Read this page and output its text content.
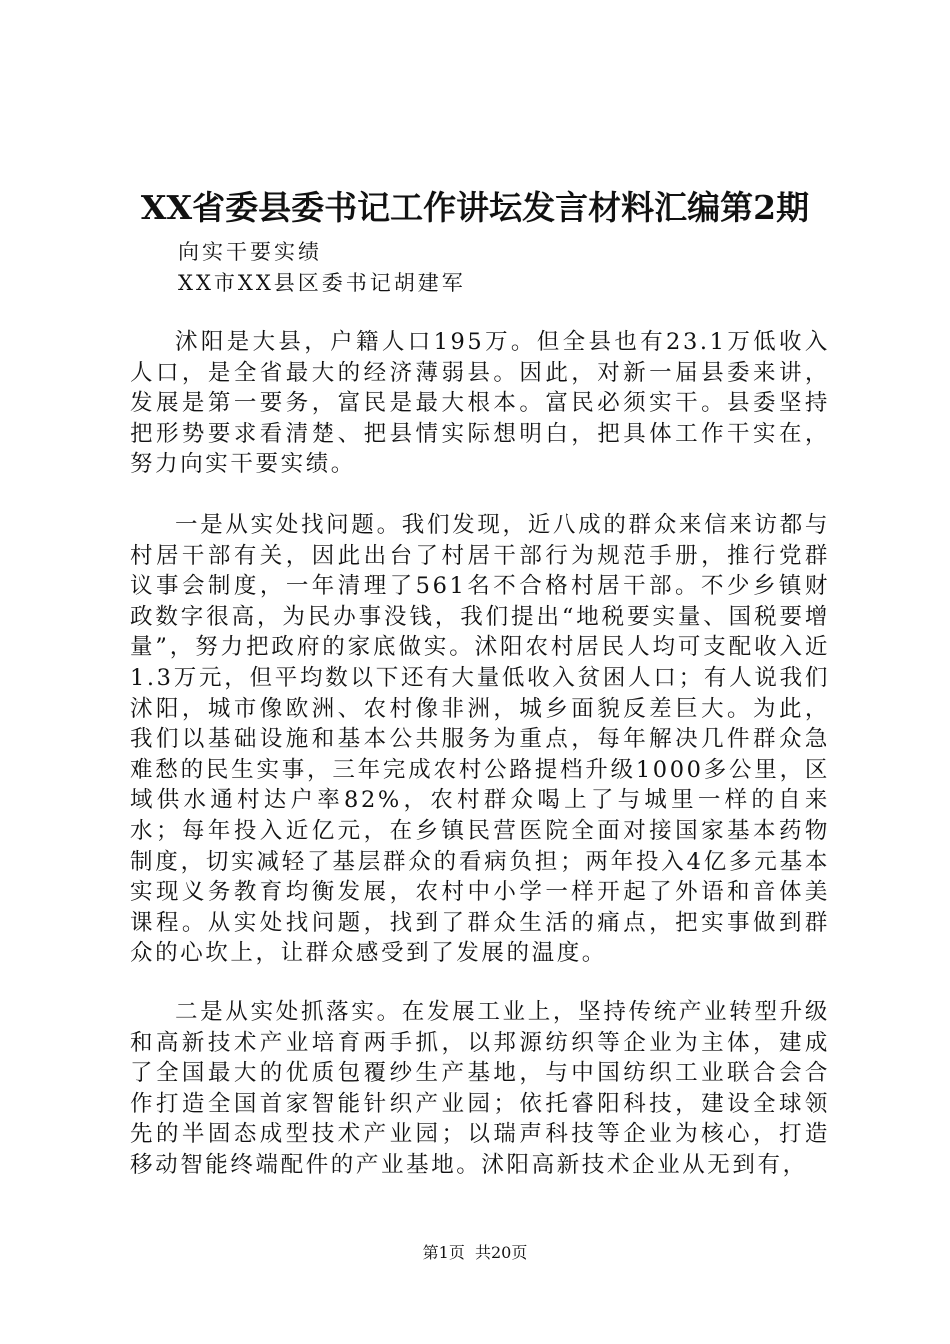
XX省委县委书记工作讲坛发言材料汇编第2期

向实干要实绩

XX市XX县区委书记胡建军

沭阳是大县，户籍人口195万。但全县也有23.1万低收入人口，是全省最大的经济薄弱县。因此，对新一届县委来讲，发展是第一要务，富民是最大根本。富民必须实干。县委坚持把形势要求看清楚、把县情实际想明白，把具体工作干实在，努力向实干要实绩。

一是从实处找问题。我们发现，近八成的群众来信来访都与村居干部有关，因此出台了村居干部行为规范手册，推行党群议事会制度，一年清理了561名不合格村居干部。不少乡镇财政数字很高，为民办事没钱，我们提出“地税要实量、国税要增量”，努力把政府的家底做实。沭阳农村居民人均可支配收入近1.3万元，但平均数以下还有大量低收入贫困人口；有人说我们沭阳，城市像欧洲、农村像非洲，城乡面貌反差巨大。为此，我们以基础设施和基本公共服务为重点，每年解决几件群众急难愁的民生实事，三年完成农村公路提档升级1000多公里，区域供水通村达户率82%，农村群众喝上了与城里一样的自来水；每年投入近亿元，在乡镇民营医院全面对接国家基本药物制度，切实减轻了基层群众的看病负担；两年投入4亿多元基本实现义务教育均衡发展，农村中小学一样开起了外语和音体美课程。从实处找问题，找到了群众生活的痛点，把实事做到群众的心坎上，让群众感受到了发展的温度。

二是从实处抓落实。在发展工业上，坚持传统产业转型升级和高新技术产业培育两手抓，以邦源纺织等企业为主体，建成了全国最大的优质包覆纱生产基地，与中国纺织工业联合会合作打造全国首家智能针织产业园；依托睿阳科技，建设全球领先的半固态成型技术产业园；以瑞声科技等企业为核心，打造移动智能终端配件的产业基地。沭阳高新技术企业从无到有，

第1页  共20页
